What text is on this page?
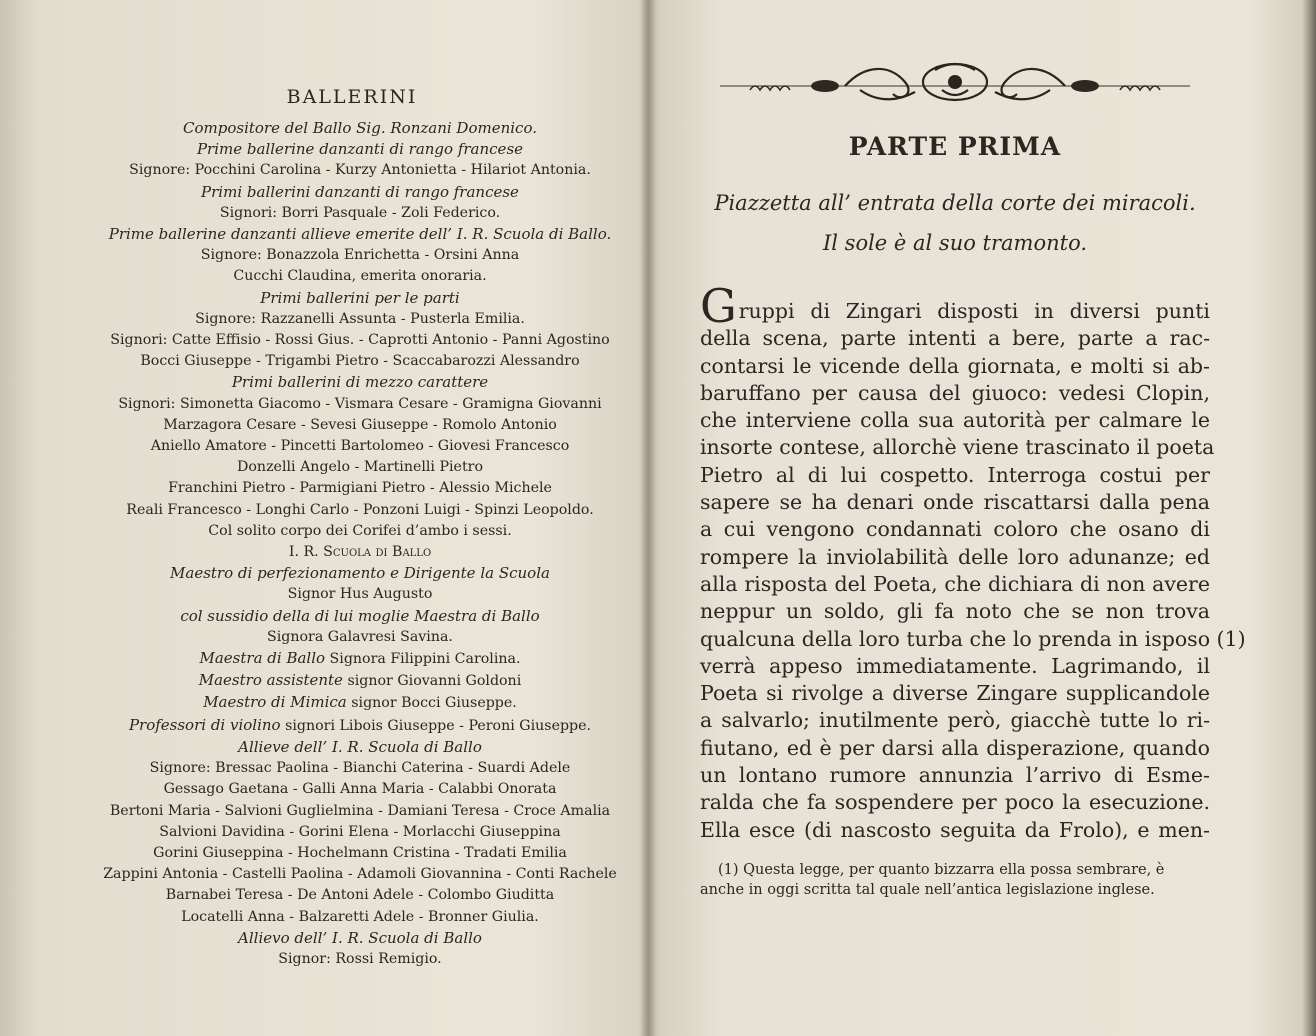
BALLERINI
Compositore del Ballo Sig. Ronzani Domenico.
Prime ballerine danzanti di rango francese
Signore: Pocchini Carolina - Kurzy Antonietta - Hilariot Antonia.
Primi ballerini danzanti di rango francese
Signori: Borri Pasquale - Zoli Federico.
Prime ballerine danzanti allieve emerite dell’ I. R. Scuola di Ballo.
Signore: Bonazzola Enrichetta - Orsini Anna
Cucchi Claudina, emerita onoraria.
Primi ballerini per le parti
Signore: Razzanelli Assunta - Pusterla Emilia.
Signori: Catte Effisio - Rossi Gius. - Caprotti Antonio - Panni Agostino
Bocci Giuseppe - Trigambi Pietro - Scaccabarozzi Alessandro
Primi ballerini di mezzo carattere
Signori: Simonetta Giacomo - Vismara Cesare - Gramigna Giovanni
Marzagora Cesare - Sevesi Giuseppe - Romolo Antonio
Aniello Amatore - Pincetti Bartolomeo - Giovesi Francesco
Donzelli Angelo - Martinelli Pietro
Franchini Pietro - Parmigiani Pietro - Alessio Michele
Reali Francesco - Longhi Carlo - Ponzoni Luigi - Spinzi Leopoldo.
Col solito corpo dei Corifei d’ambo i sessi.
I. R. Scuola di Ballo
Maestro di perfezionamento e Dirigente la Scuola
Signor Hus Augusto
col sussidio della di lui moglie Maestra di Ballo
Signora Galavresi Savina.
Maestra di Ballo Signora Filippini Carolina.
Maestro assistente signor Giovanni Goldoni
Maestro di Mimica signor Bocci Giuseppe.
Professori di violino signori Libois Giuseppe - Peroni Giuseppe.
Allieve dell’ I. R. Scuola di Ballo
Signore: Bressac Paolina - Bianchi Caterina - Suardi Adele
Gessago Gaetana - Galli Anna Maria - Calabbi Onorata
Bertoni Maria - Salvioni Guglielmina - Damiani Teresa - Croce Amalia
Salvioni Davidina - Gorini Elena - Morlacchi Giuseppina
Gorini Giuseppina - Hochelmann Cristina - Tradati Emilia
Zappini Antonia - Castelli Paolina - Adamoli Giovannina - Conti Rachele
Barnabei Teresa - De Antoni Adele - Colombo Giuditta
Locatelli Anna - Balzaretti Adele - Bronner Giulia.
Allievo dell’ I. R. Scuola di Ballo
Signor: Rossi Remigio.
PARTE PRIMA
Piazzetta all’ entrata della corte dei miracoli.
Il sole è al suo tramonto.
Gruppi di Zingari disposti in diversi punti
della scena, parte intenti a bere, parte a rac-
contarsi le vicende della giornata, e molti si ab-
baruffano per causa del giuoco: vedesi Clopin,
che interviene colla sua autorità per calmare le
insorte contese, allorchè viene trascinato il poeta
Pietro al di lui cospetto. Interroga costui per
sapere se ha denari onde riscattarsi dalla pena
a cui vengono condannati coloro che osano di
rompere la inviolabilità delle loro adunanze; ed
alla risposta del Poeta, che dichiara di non avere
neppur un soldo, gli fa noto che se non trova
qualcuna della loro turba che lo prenda in isposo (1)
verrà appeso immediatamente. Lagrimando, il
Poeta si rivolge a diverse Zingare supplicandole
a salvarlo; inutilmente però, giacchè tutte lo ri-
fiutano, ed è per darsi alla disperazione, quando
un lontano rumore annunzia l’arrivo di Esme-
ralda che fa sospendere per poco la esecuzione.
Ella esce (di nascosto seguita da Frolo), e men-
(1) Questa legge, per quanto bizzarra ella possa sembrare, è
anche in oggi scritta tal quale nell’antica legislazione inglese.
